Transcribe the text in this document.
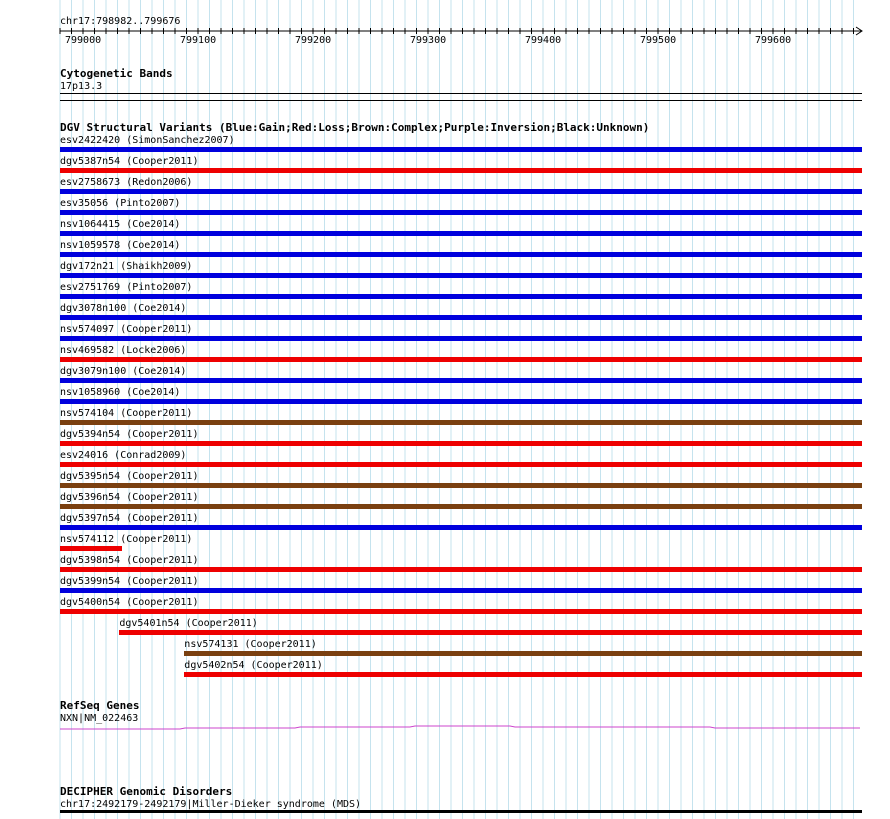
chr17:798982..799676
799000	799100	799200	799300	799400	799500	799600
Cytogenetic Bands
17p13.3
DGV Structural Variants (Blue:Gain;Red:Loss;Brown:Complex;Purple:Inversion;Black:Unknown)
esv2422420 (SimonSanchez2007)
dgv5387n54 (Cooper2011)
esv2758673 (Redon2006)
esv35056 (Pinto2007)
nsv1064415 (Coe2014)
nsv1059578 (Coe2014)
dgv172n21 (Shaikh2009)
esv2751769 (Pinto2007)
dgv3078n100 (Coe2014)
nsv574097 (Cooper2011)
nsv469582 (Locke2006)
dgv3079n100 (Coe2014)
nsv1058960 (Coe2014)
nsv574104 (Cooper2011)
dgv5394n54 (Cooper2011)
esv24016 (Conrad2009)
dgv5395n54 (Cooper2011)
dgv5396n54 (Cooper2011)
dgv5397n54 (Cooper2011)
nsv574112 (Cooper2011)
dgv5398n54 (Cooper2011)
dgv5399n54 (Cooper2011)
dgv5400n54 (Cooper2011)
dgv5401n54 (Cooper2011)
nsv574131 (Cooper2011)
dgv5402n54 (Cooper2011)
RefSeq Genes
NXN|NM_022463
DECIPHER Genomic Disorders
chr17:2492179-2492179|Miller-Dieker syndrome (MDS)
